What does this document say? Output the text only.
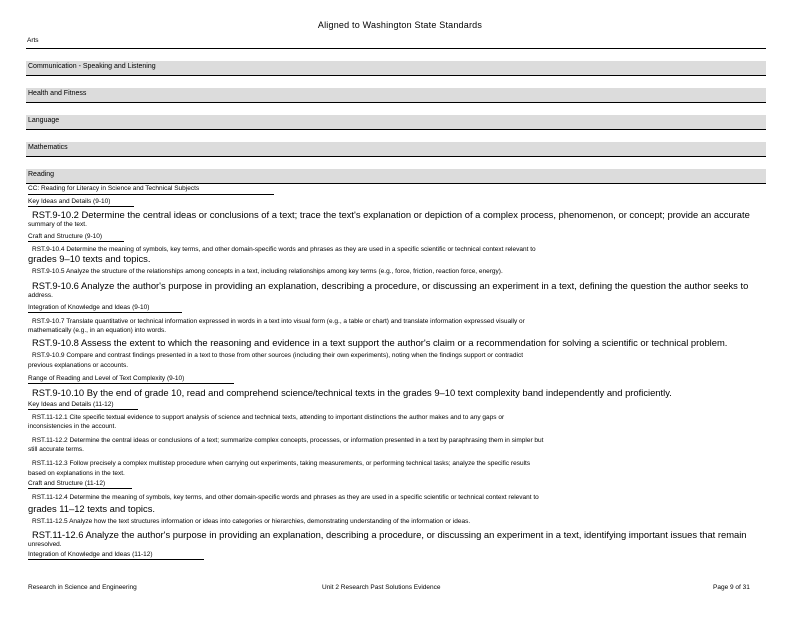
Aligned to Washington State Standards
Arts
Communication - Speaking and Listening
Health and Fitness
Language
Mathematics
Reading
CC: Reading for Literacy in Science and Technical Subjects
Key Ideas and Details (9-10)
RST.9-10.2 Determine the central ideas or conclusions of a text; trace the text's explanation or depiction of a complex process, phenomenon, or concept; provide an accurate
summary of the text.
Craft and Structure (9-10)
RST.9-10.4 Determine the meaning of symbols, key terms, and other domain-specific words and phrases as they are used in a specific scientific or technical context relevant to
grades 9–10 texts and topics.
RST.9-10.5 Analyze the structure of the relationships among concepts in a text, including relationships among key terms (e.g., force, friction, reaction force, energy).
RST.9-10.6 Analyze the author's purpose in providing an explanation, describing a procedure, or discussing an experiment in a text, defining the question the author seeks to
address.
Integration of Knowledge and Ideas (9-10)
RST.9-10.7 Translate quantitative or technical information expressed in words in a text into visual form (e.g., a table or chart) and translate information expressed visually or
mathematically (e.g., in an equation) into words.
RST.9-10.8 Assess the extent to which the reasoning and evidence in a text support the author's claim or a recommendation for solving a scientific or technical problem.
RST.9-10.9 Compare and contrast findings presented in a text to those from other sources (including their own experiments), noting when the findings support or contradict
previous explanations or accounts.
Range of Reading and Level of Text Complexity (9-10)
RST.9-10.10 By the end of grade 10, read and comprehend science/technical texts in the grades 9–10 text complexity band independently and proficiently.
Key Ideas and Details (11-12)
RST.11-12.1 Cite specific textual evidence to support analysis of science and technical texts, attending to important distinctions the author makes and to any gaps or
inconsistencies in the account.
RST.11-12.2 Determine the central ideas or conclusions of a text; summarize complex concepts, processes, or information presented in a text by paraphrasing them in simpler but
still accurate terms.
RST.11-12.3 Follow precisely a complex multistep procedure when carrying out experiments, taking measurements, or performing technical tasks; analyze the specific results
based on explanations in the text.
Craft and Structure (11-12)
RST.11-12.4 Determine the meaning of symbols, key terms, and other domain-specific words and phrases as they are used in a specific scientific or technical context relevant to
grades 11–12 texts and topics.
RST.11-12.5 Analyze how the text structures information or ideas into categories or hierarchies, demonstrating understanding of the information or ideas.
RST.11-12.6 Analyze the author's purpose in providing an explanation, describing a procedure, or discussing an experiment in a text, identifying important issues that remain
unresolved.
Integration of Knowledge and Ideas (11-12)
Research in Science and Engineering	Unit 2 Research Past Solutions Evidence	Page 9 of 31
